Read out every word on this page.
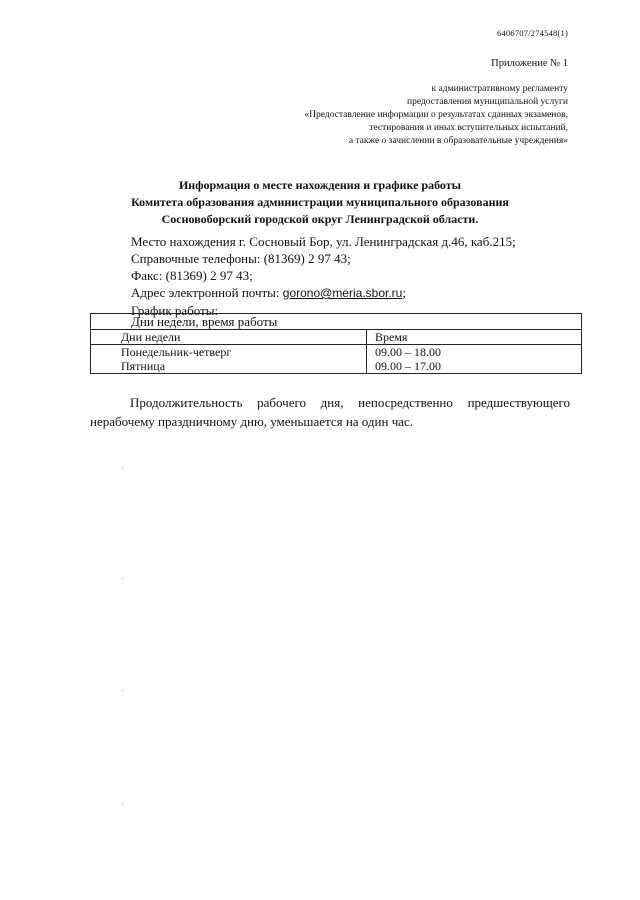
6406707/274548(1)
Приложение № 1
к административному регламенту
предоставления муниципальной услуги
«Предоставление информации о результатах сданных экзаменов,
тестирования и иных вступительных испытаний,
а также о зачислении в образовательные учреждения»
Информация о месте нахождения и графике работы
Комитета образования администрации муниципального образования
Сосновоборский городской округ Ленинградской области.
Место нахождения г. Сосновый Бор, ул. Ленинградская д.46, каб.215;
Справочные телефоны: (81369) 2 97 43;
Факс: (81369) 2 97 43;
Адрес электронной почты: gorono@meria.sbor.ru;
График работы:
Дни недели, время работы	
Дни недели	Время
Понедельник-четверг	09.00 – 18.00
Пятница	09.00 – 17.00
Продолжительность рабочего дня, непосредственно предшествующего нерабочему праздничному дню, уменьшается на один час.
